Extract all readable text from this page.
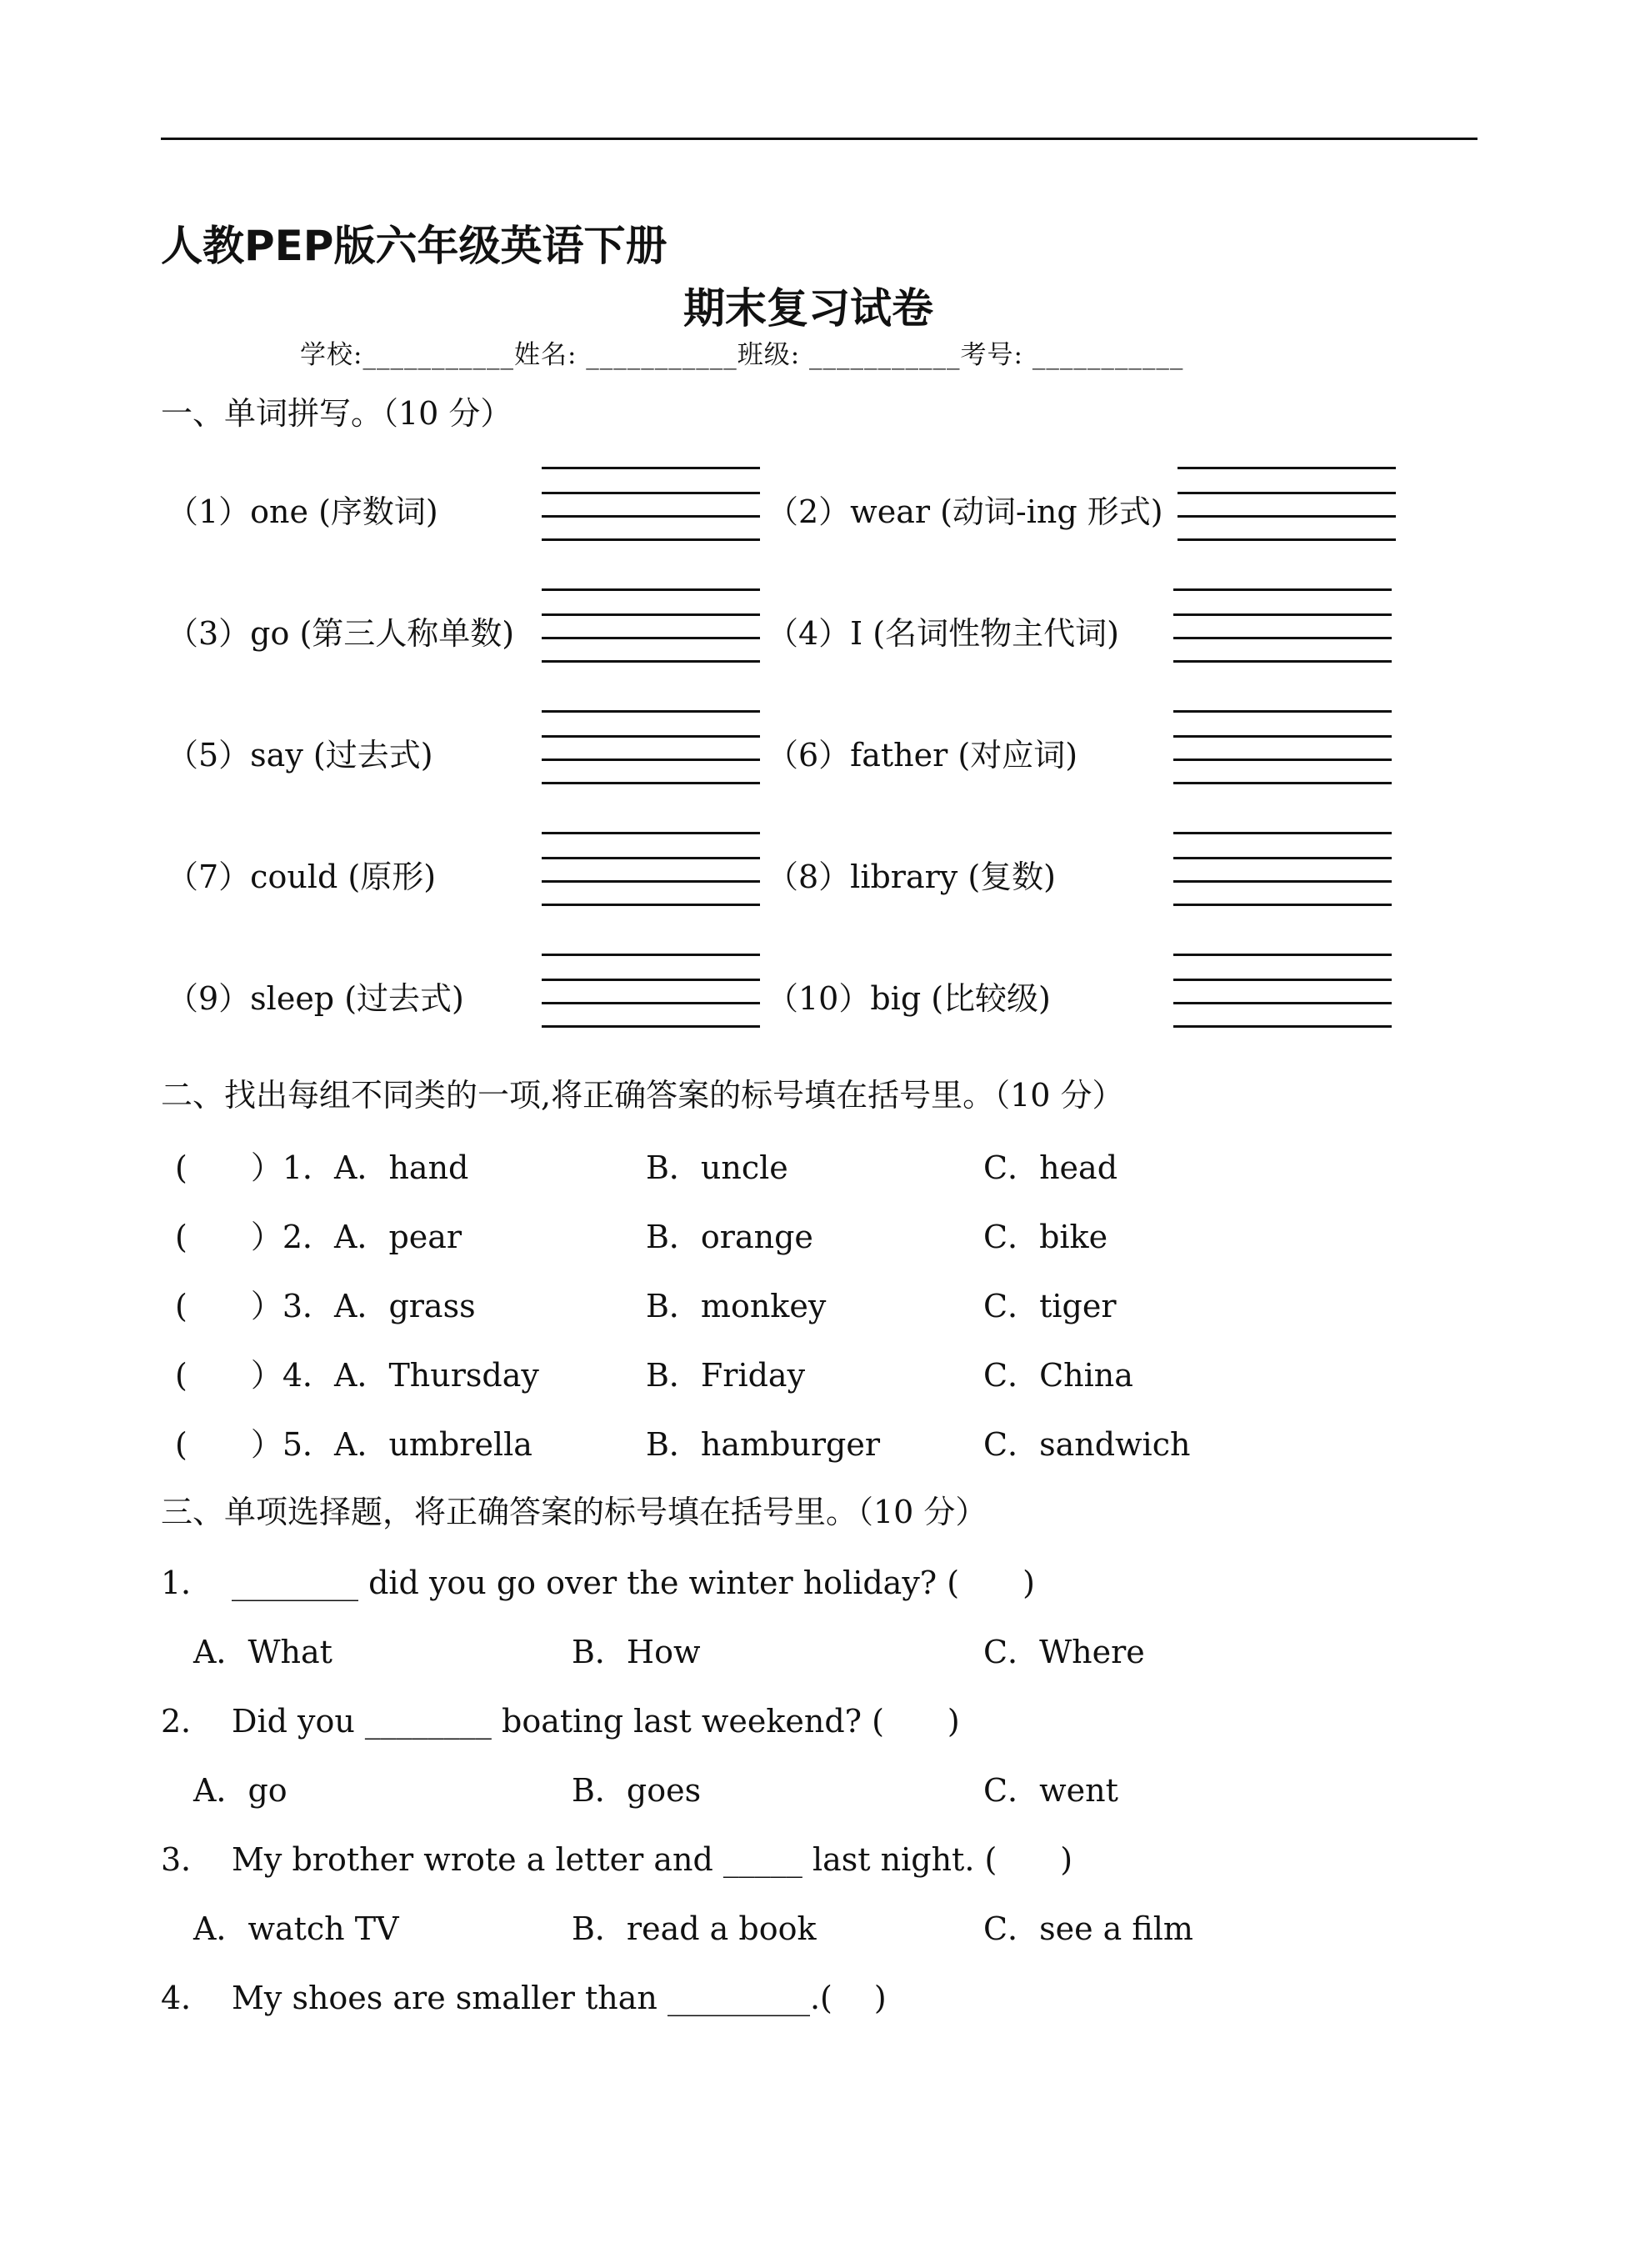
人教PEP版六年级英语下册
期末复习试卷
学校:___________姓名: ___________班级: ___________考号: ___________
一、单词拼写。（10 分）
（1）one (序数词)	（2）wear (动词-ing 形式)
（3）go (第三人称单数)	（4）I (名词性物主代词)
（5）say (过去式)	（6）father (对应词)
（7）could (原形)	（8）library (复数)
（9）sleep (过去式)	（10）big (比较级)
二、找出每组不同类的一项,将正确答案的标号填在括号里。（10 分）
(　　）1．A．hand	B．uncle	C．head
(　　）2．A．pear	B．orange	C．bike
(　　）3．A．grass	B．monkey	C．tiger
(　　）4．A．Thursday	B．Friday	C．China
(　　）5．A．umbrella	B．hamburger	C．sandwich
三、单项选择题，将正确答案的标号填在括号里。（10 分）
1． ________ did you go over the winter holiday? (　　)
A．What	B．How	C．Where
2． Did you ________ boating last weekend? (　　)
A．go	B．goes	C．went
3． My brother wrote a letter and _____ last night. (　　)
A．watch TV	B．read a book	C．see a film
4． My shoes are smaller than _________.(　 )
